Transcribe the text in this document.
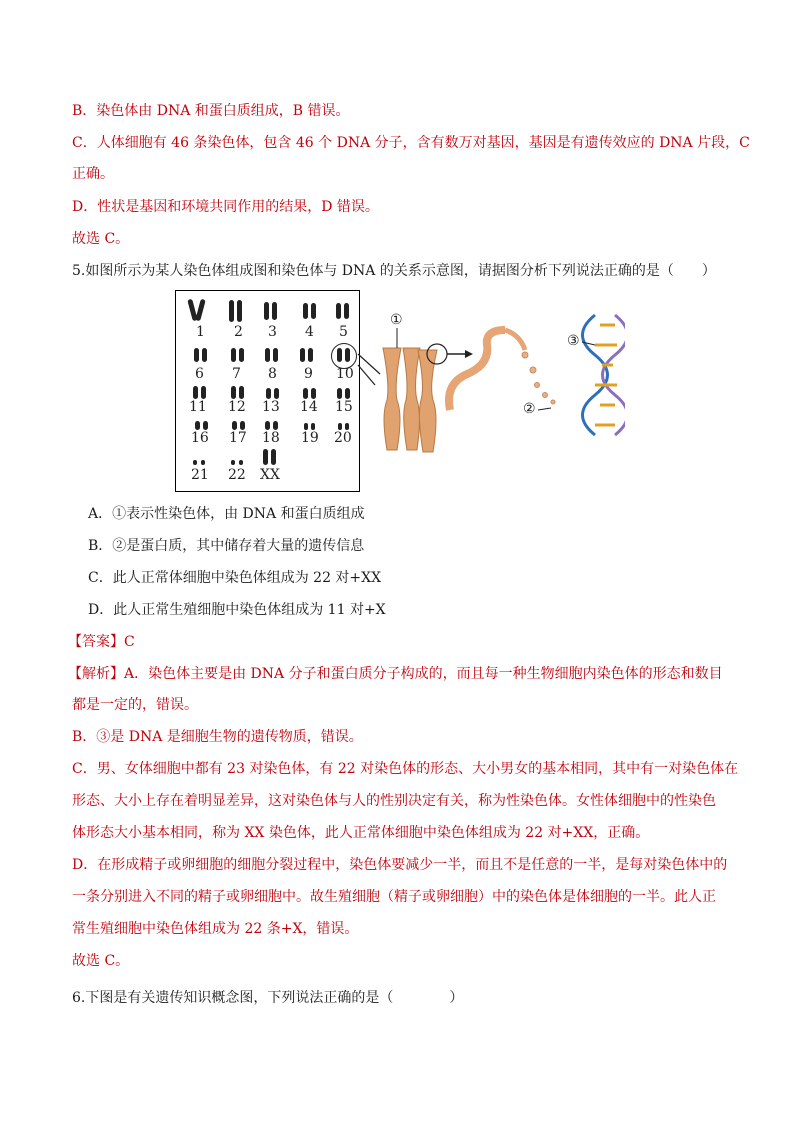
B．染色体由 DNA 和蛋白质组成，B 错误。
C．人体细胞有 46 条染色体，包含 46 个 DNA 分子，含有数万对基因，基因是有遗传效应的 DNA 片段，C
正确。
D．性状是基因和环境共同作用的结果，D 错误。
故选 C。
5.如图所示为某人染色体组成图和染色体与 DNA 的关系示意图，请据图分析下列说法正确的是（　　）
1 2 3 4 5
6 7 8 9 10
11 12 13 14 15
16 17 18 19 20
21 22 XX
①
②
③
A．①表示性染色体，由 DNA 和蛋白质组成
B．②是蛋白质，其中储存着大量的遗传信息
C．此人正常体细胞中染色体组成为 22 对+XX
D．此人正常生殖细胞中染色体组成为 11 对+X
【答案】C
【解析】A．染色体主要是由 DNA 分子和蛋白质分子构成的，而且每一种生物细胞内染色体的形态和数目
都是一定的，错误。
B．③是 DNA 是细胞生物的遗传物质，错误。
C．男、女体细胞中都有 23 对染色体，有 22 对染色体的形态、大小男女的基本相同，其中有一对染色体在
形态、大小上存在着明显差异，这对染色体与人的性别决定有关，称为性染色体。女性体细胞中的性染色
体形态大小基本相同，称为 XX 染色体，此人正常体细胞中染色体组成为 22 对+XX，正确。
D．在形成精子或卵细胞的细胞分裂过程中，染色体要减少一半，而且不是任意的一半，是每对染色体中的
一条分别进入不同的精子或卵细胞中。故生殖细胞（精子或卵细胞）中的染色体是体细胞的一半。此人正
常生殖细胞中染色体组成为 22 条+X，错误。
故选 C。
6.下图是有关遗传知识概念图，下列说法正确的是（　　　　）
